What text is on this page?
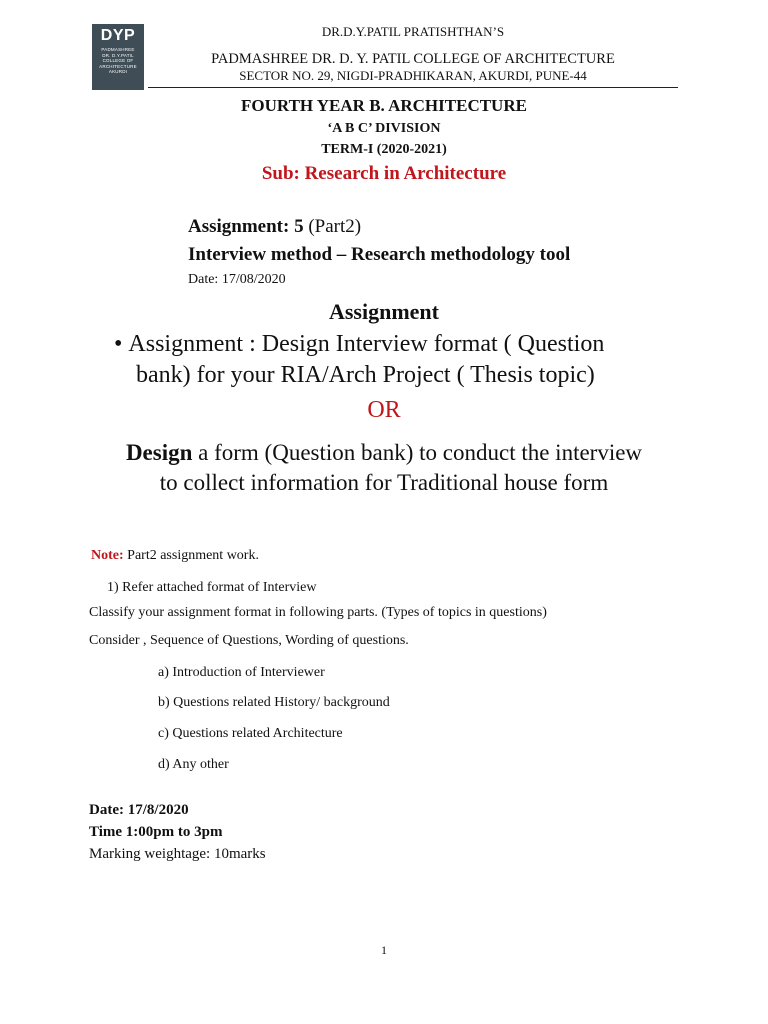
DYP
PADMASHREE
DR. D.Y.PATIL
COLLEGE OF
ARCHITECTURE
AKURDI
DR.D.Y.PATIL PRATISHTHAN’S
PADMASHREE DR. D. Y. PATIL COLLEGE OF ARCHITECTURE
SECTOR NO. 29, NIGDI-PRADHIKARAN, AKURDI, PUNE-44
FOURTH YEAR B. ARCHITECTURE
‘A B C’ DIVISION
TERM-I (2020-2021)
Sub: Research in Architecture
Assignment: 5 (Part2)
Interview method – Research methodology tool
Date: 17/08/2020
Assignment
• Assignment : Design Interview format ( Question
bank) for your RIA/Arch Project ( Thesis topic)
OR
Design a form (Question bank) to conduct the interview
to collect information for Traditional house form
Note: Part2 assignment work.
1) Refer attached format of Interview
Classify your assignment format in following parts. (Types of topics in questions)
Consider , Sequence of Questions, Wording of questions.
a) Introduction of Interviewer
b) Questions related History/ background
c) Questions related Architecture
d) Any other
Date: 17/8/2020
Time 1:00pm to 3pm
Marking weightage: 10marks
1
